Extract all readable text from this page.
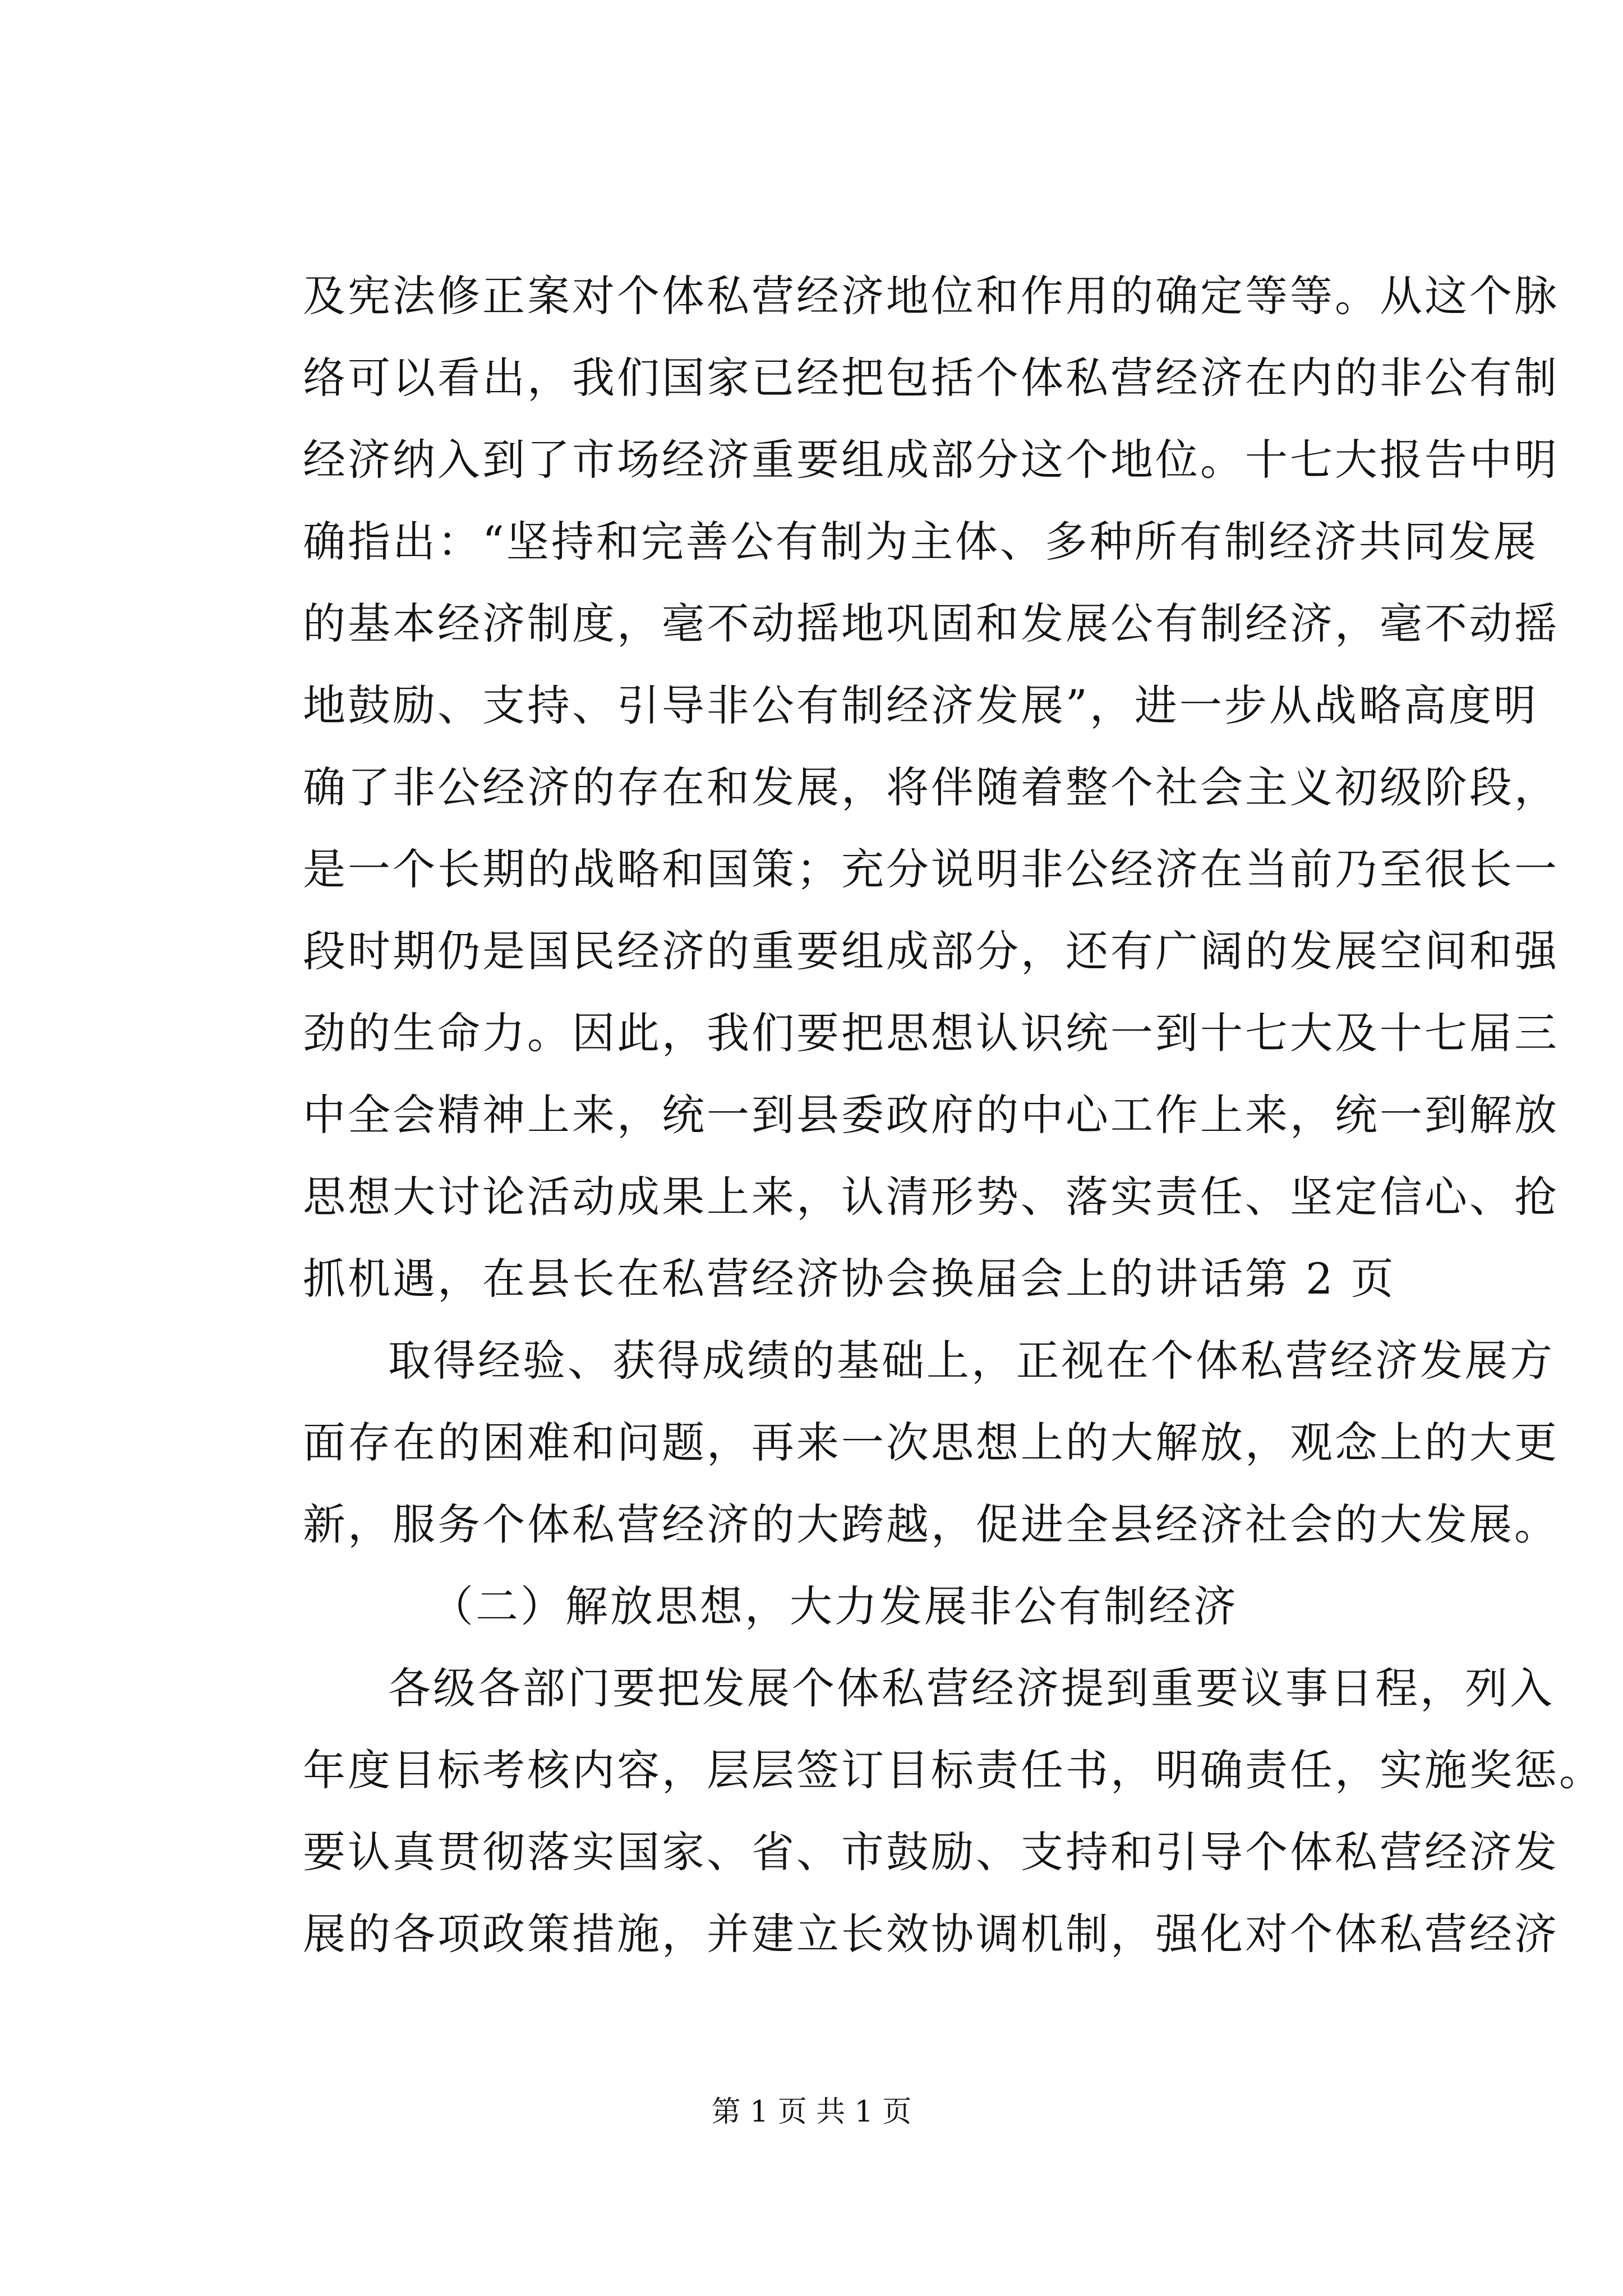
及宪法修正案对个体私营经济地位和作用的确定等等。从这个脉
络可以看出，我们国家已经把包括个体私营经济在内的非公有制
经济纳入到了市场经济重要组成部分这个地位。十七大报告中明
确指出：“坚持和完善公有制为主体、多种所有制经济共同发展
的基本经济制度，毫不动摇地巩固和发展公有制经济，毫不动摇
地鼓励、支持、引导非公有制经济发展”，进一步从战略高度明
确了非公经济的存在和发展，将伴随着整个社会主义初级阶段，
是一个长期的战略和国策；充分说明非公经济在当前乃至很长一
段时期仍是国民经济的重要组成部分，还有广阔的发展空间和强
劲的生命力。因此，我们要把思想认识统一到十七大及十七届三
中全会精神上来，统一到县委政府的中心工作上来，统一到解放
思想大讨论活动成果上来，认清形势、落实责任、坚定信心、抢
抓机遇，在县长在私营经济协会换届会上的讲话第 2 页
取得经验、获得成绩的基础上，正视在个体私营经济发展方
面存在的困难和问题，再来一次思想上的大解放，观念上的大更
新，服务个体私营经济的大跨越，促进全县经济社会的大发展。
（二）解放思想，大力发展非公有制经济
各级各部门要把发展个体私营经济提到重要议事日程，列入
年度目标考核内容，层层签订目标责任书，明确责任，实施奖惩。
要认真贯彻落实国家、省、市鼓励、支持和引导个体私营经济发
展的各项政策措施，并建立长效协调机制，强化对个体私营经济
第 1 页 共 1 页
